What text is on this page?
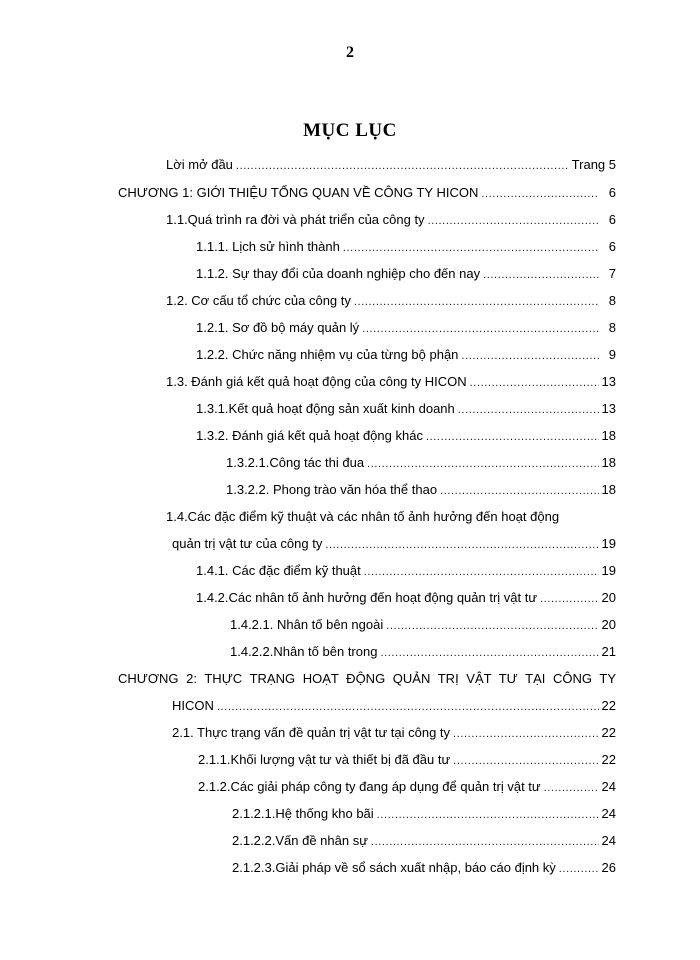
2
MỤC LỤC
Lời mở đầu .....	Trang 5
CHƯƠNG 1: GIỚI THIỆU TỔNG QUAN VỀ CÔNG TY HICON .....	6
1.1.Quá trình ra đời và phát triển của công ty .....	6
1.1.1. Lịch sử hình thành .....	6
1.1.2. Sự thay đổi của doanh nghiệp cho đến nay .....	7
1.2. Cơ cấu tổ chức của công ty .....	8
1.2.1. Sơ đồ bộ máy quản lý .....	8
1.2.2. Chức năng nhiệm vụ của từng bộ phận .....	9
1.3. Đánh giá kết quả hoạt động của công ty HICON .....	13
1.3.1.Kết quả hoạt động sản xuất kinh doanh .....	13
1.3.2. Đánh giá kết quả hoạt động khác .....	18
1.3.2.1.Công tác thi đua .....	18
1.3.2.2. Phong trào văn hóa thể thao .....	18
1.4.Các đặc điểm kỹ thuật và các nhân tố ảnh hưởng đến hoạt động
quản trị vật tư của công ty .....	19
1.4.1. Các đặc điểm kỹ thuật .....	19
1.4.2.Các nhân tố ảnh hưởng đến hoạt động quản trị vật tư .....	20
1.4.2.1. Nhân tố bên ngoài .....	20
1.4.2.2.Nhân tố bên trong .....	21
CHƯƠNG 2: THỰC TRẠNG HOẠT ĐỘNG QUẢN TRỊ VẬT TƯ TẠI CÔNG TY
HICON .....	22
2.1. Thực trạng vấn đề quản trị vật tư tại công ty .....	22
2.1.1.Khối lượng vật tư và thiết bị đã đầu tư .....	22
2.1.2.Các giải pháp công ty đang áp dụng để quản trị vật tư .....	24
2.1.2.1.Hệ thống kho bãi .....	24
2.1.2.2.Vấn đề nhân sự .....	24
2.1.2.3.Giải pháp về sổ sách xuất nhập, báo cáo định kỳ .....	26
